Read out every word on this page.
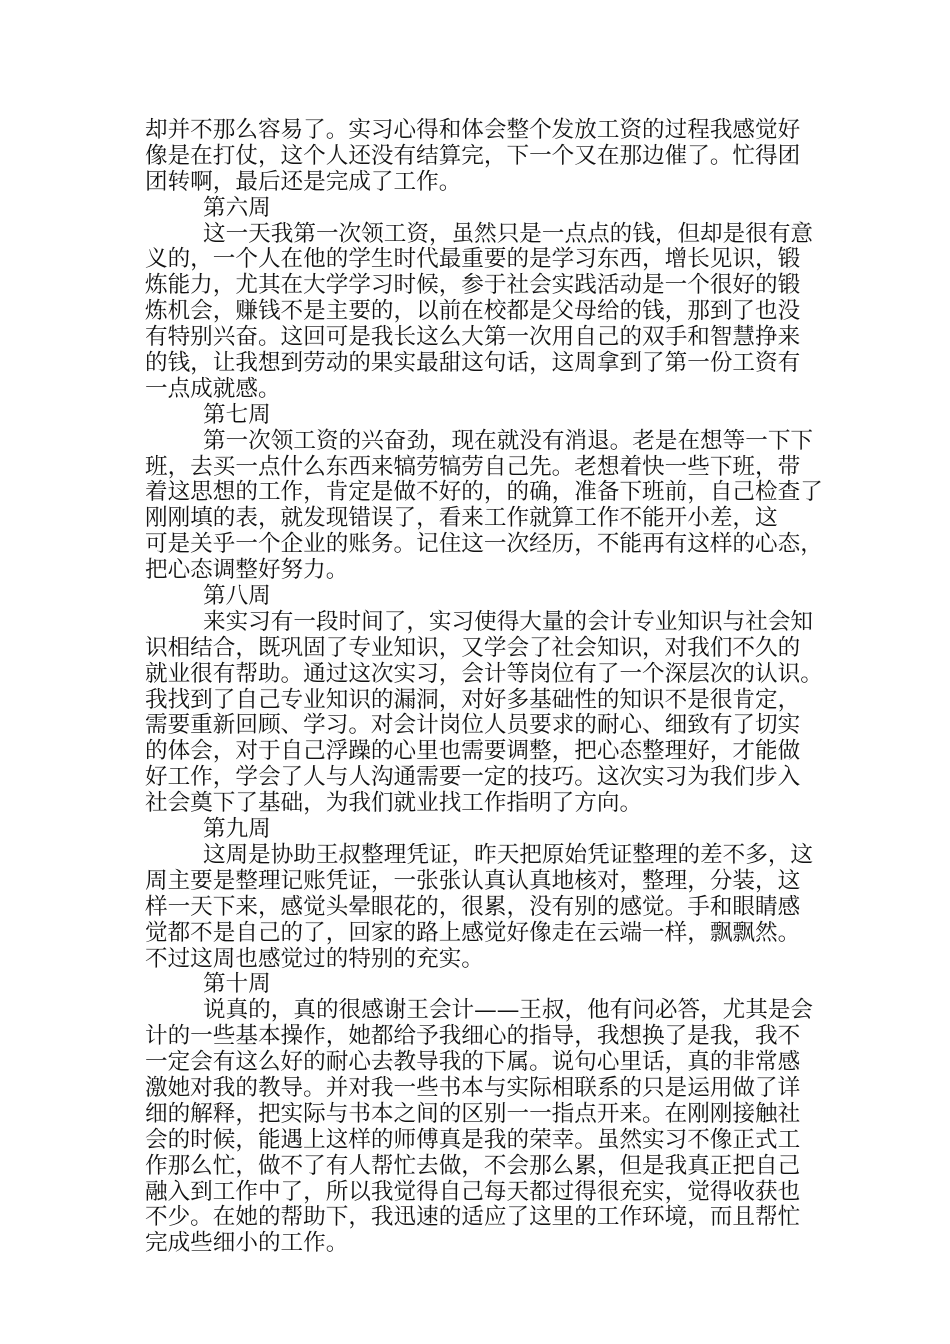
却并不那么容易了。实习心得和体会整个发放工资的过程我感觉好
像是在打仗，这个人还没有结算完，下一个又在那边催了。忙得团
团转啊，最后还是完成了工作。
第六周
这一天我第一次领工资，虽然只是一点点的钱，但却是很有意
义的，一个人在他的学生时代最重要的是学习东西，增长见识，锻
炼能力，尤其在大学学习时候，参于社会实践活动是一个很好的锻
炼机会，赚钱不是主要的，以前在校都是父母给的钱，那到了也没
有特别兴奋。这回可是我长这么大第一次用自己的双手和智慧挣来
的钱，让我想到劳动的果实最甜这句话，这周拿到了第一份工资有
一点成就感。
第七周
第一次领工资的兴奋劲，现在就没有消退。老是在想等一下下
班，去买一点什么东西来犒劳犒劳自己先。老想着快一些下班，带
着这思想的工作，肯定是做不好的，的确，准备下班前，自己检查了
刚刚填的表，就发现错误了，看来工作就算工作不能开小差，这
可是关乎一个企业的账务。记住这一次经历，不能再有这样的心态，
把心态调整好努力。
第八周
来实习有一段时间了，实习使得大量的会计专业知识与社会知
识相结合，既巩固了专业知识，又学会了社会知识，对我们不久的
就业很有帮助。通过这次实习，会计等岗位有了一个深层次的认识。
我找到了自己专业知识的漏洞，对好多基础性的知识不是很肯定，
需要重新回顾、学习。对会计岗位人员要求的耐心、细致有了切实
的体会，对于自己浮躁的心里也需要调整，把心态整理好，才能做
好工作，学会了人与人沟通需要一定的技巧。这次实习为我们步入
社会奠下了基础，为我们就业找工作指明了方向。
第九周
这周是协助王叔整理凭证，昨天把原始凭证整理的差不多，这
周主要是整理记账凭证，一张张认真认真地核对，整理，分装，这
样一天下来，感觉头晕眼花的，很累，没有别的感觉。手和眼睛感
觉都不是自己的了，回家的路上感觉好像走在云端一样，飘飘然。
不过这周也感觉过的特别的充实。
第十周
说真的，真的很感谢王会计——王叔，他有问必答，尤其是会
计的一些基本操作，她都给予我细心的指导，我想换了是我，我不
一定会有这么好的耐心去教导我的下属。说句心里话，真的非常感
激她对我的教导。并对我一些书本与实际相联系的只是运用做了详
细的解释，把实际与书本之间的区别一一指点开来。在刚刚接触社
会的时候，能遇上这样的师傅真是我的荣幸。虽然实习不像正式工
作那么忙，做不了有人帮忙去做，不会那么累，但是我真正把自己
融入到工作中了，所以我觉得自己每天都过得很充实，觉得收获也
不少。在她的帮助下，我迅速的适应了这里的工作环境，而且帮忙
完成些细小的工作。
